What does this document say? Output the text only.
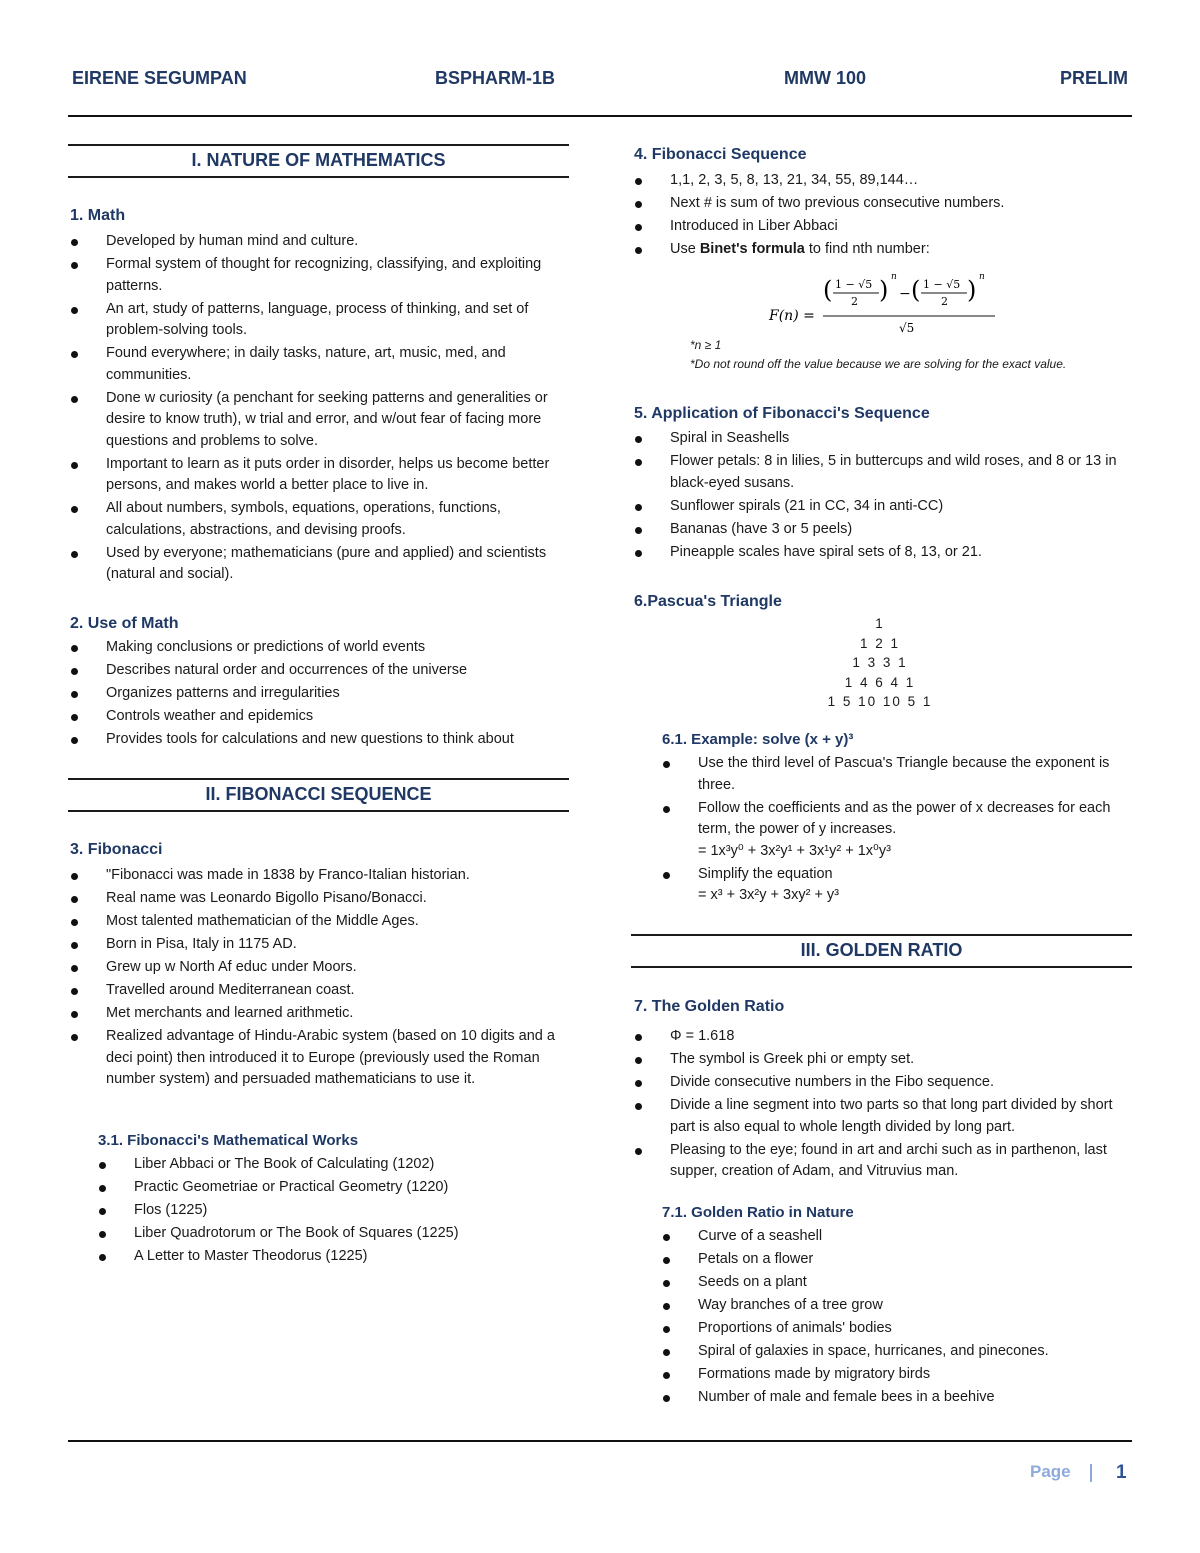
EIRENE SEGUMPAN	BSPHARM-1B	MMW 100	PRELIM
I. NATURE OF MATHEMATICS
1. Math
Developed by human mind and culture.
Formal system of thought for recognizing, classifying, and exploiting patterns.
An art, study of patterns, language, process of thinking, and set of problem-solving tools.
Found everywhere; in daily tasks, nature, art, music, med, and communities.
Done w curiosity (a penchant for seeking patterns and generalities or desire to know truth), w trial and error, and w/out fear of facing more questions and problems to solve.
Important to learn as it puts order in disorder, helps us become better persons, and makes world a better place to live in.
All about numbers, symbols, equations, operations, functions, calculations, abstractions, and devising proofs.
Used by everyone; mathematicians (pure and applied) and scientists (natural and social).
2. Use of Math
Making conclusions or predictions of world events
Describes natural order and occurrences of the universe
Organizes patterns and irregularities
Controls weather and epidemics
Provides tools for calculations and new questions to think about
II. FIBONACCI SEQUENCE
3. Fibonacci
"Fibonacci was made in 1838 by Franco-Italian historian.
Real name was Leonardo Bigollo Pisano/Bonacci.
Most talented mathematician of the Middle Ages.
Born in Pisa, Italy in 1175 AD.
Grew up w North Af educ under Moors.
Travelled around Mediterranean coast.
Met merchants and learned arithmetic.
Realized advantage of Hindu-Arabic system (based on 10 digits and a deci point) then introduced it to Europe (previously used the Roman number system) and persuaded mathematicians to use it.
3.1. Fibonacci's Mathematical Works
Liber Abbaci or The Book of Calculating (1202)
Practic Geometriae or Practical Geometry (1220)
Flos (1225)
Liber Quadrotorum or The Book of Squares (1225)
A Letter to Master Theodorus (1225)
4. Fibonacci Sequence
1,1, 2, 3, 5, 8, 13, 21, 34, 55, 89,144…
Next # is sum of two previous consecutive numbers.
Introduced in Liber Abbaci
Use Binet's formula to find nth number:
F(n) =
( 1 − √5
2 ) n
− ( 1 − √5
2 ) n
√5
*n ≥ 1
*Do not round off the value because we are solving for the exact value.
5. Application of Fibonacci's Sequence
Spiral in Seashells
Flower petals: 8 in lilies, 5 in buttercups and wild roses, and 8 or 13 in black-eyed susans.
Sunflower spirals (21 in CC, 34 in anti-CC)
Bananas (have 3 or 5 peels)
Pineapple scales have spiral sets of 8, 13, or 21.
6.Pascua's Triangle
1
1 2 1
1 3 3 1
1 4 6 4 1
1 5 10 10 5 1
6.1. Example: solve (x + y)³
Use the third level of Pascua's Triangle because the exponent is three.
Follow the coefficients and as the power of x decreases for each term, the power of y increases.
= 1x³y⁰ + 3x²y¹ + 3x¹y² + 1x⁰y³
Simplify the equation
= x³ + 3x²y + 3xy² + y³
III. GOLDEN RATIO
7. The Golden Ratio
Φ = 1.618
The symbol is Greek phi or empty set.
Divide consecutive numbers in the Fibo sequence.
Divide a line segment into two parts so that long part divided by short part is also equal to whole length divided by long part.
Pleasing to the eye; found in art and archi such as in parthenon, last supper, creation of Adam, and Vitruvius man.
7.1. Golden Ratio in Nature
Curve of a seashell
Petals on a flower
Seeds on a plant
Way branches of a tree grow
Proportions of animals' bodies
Spiral of galaxies in space, hurricanes, and pinecones.
Formations made by migratory birds
Number of male and female bees in a beehive
Page 1
